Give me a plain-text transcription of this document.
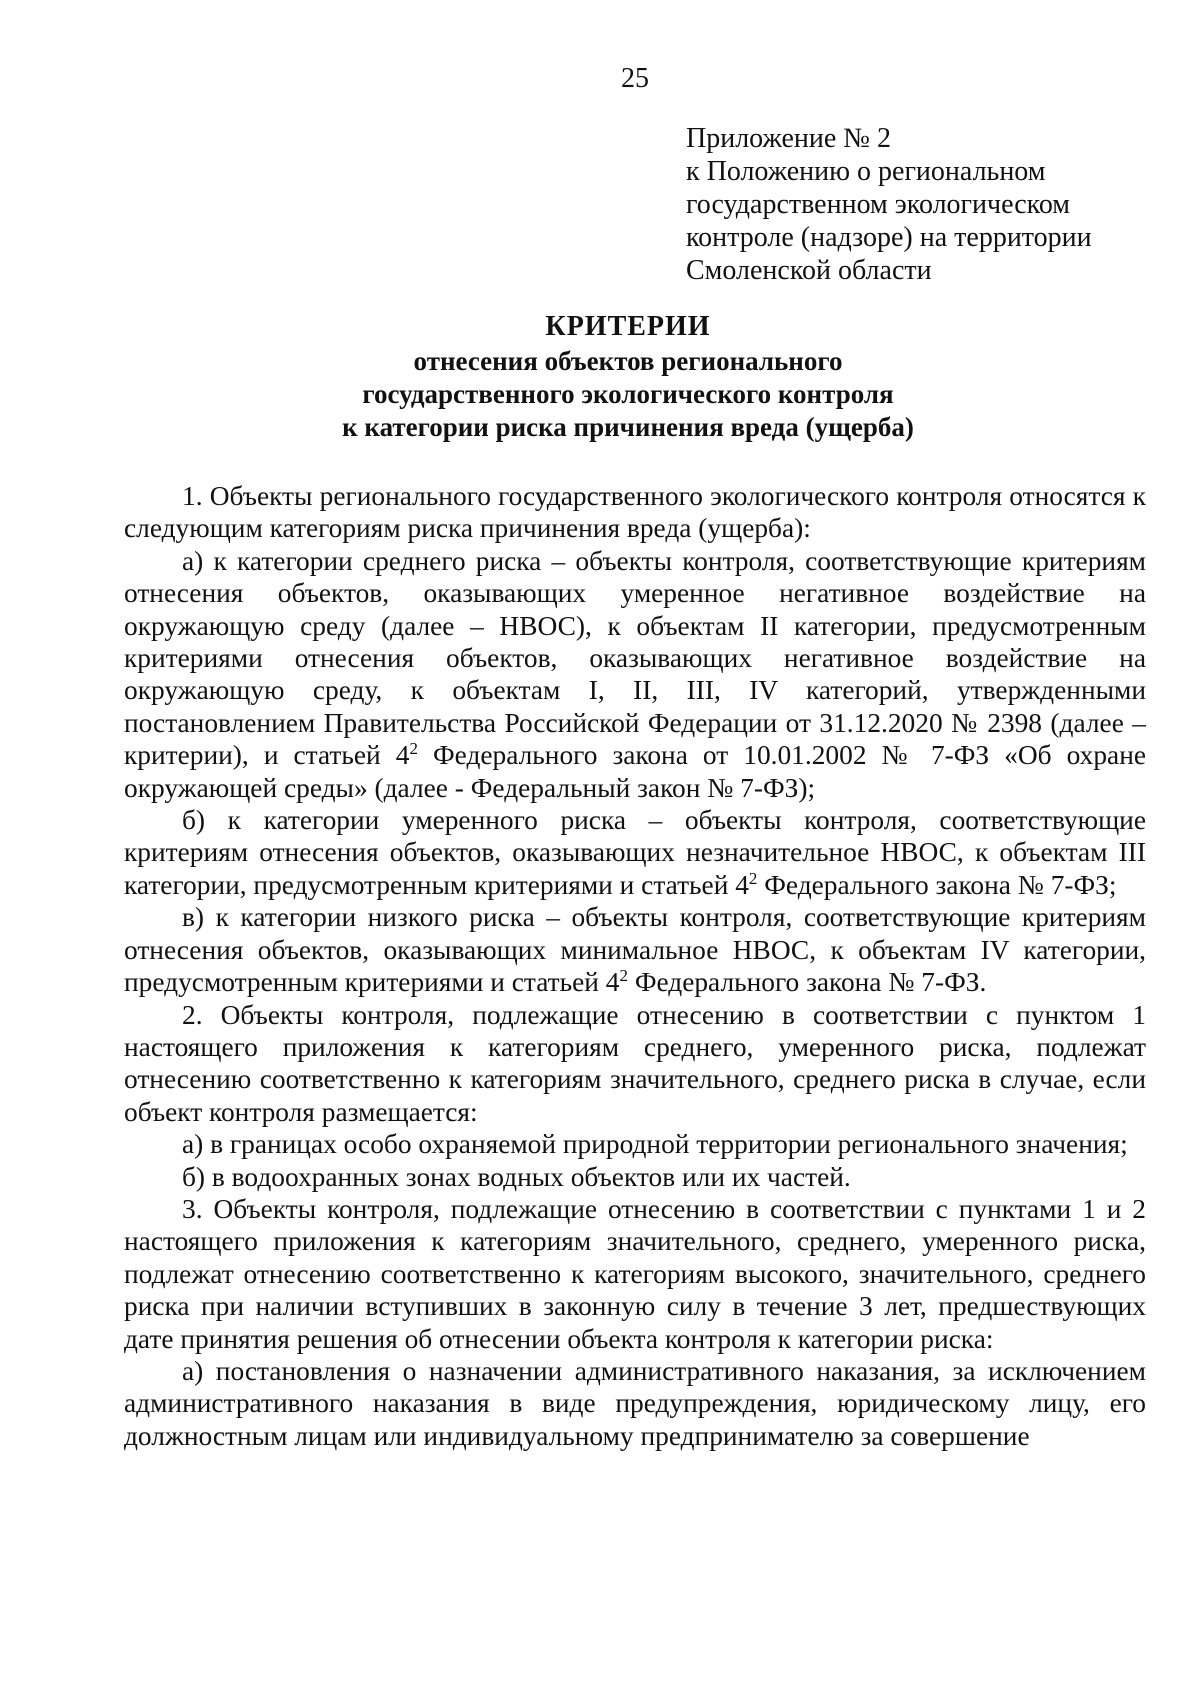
25
Приложение № 2
к Положению о региональном
государственном экологическом
контроле (надзоре) на территории
Смоленской области
КРИТЕРИИ
отнесения объектов регионального
государственного экологического контроля
к категории риска причинения вреда (ущерба)

1. Объекты регионального государственного экологического контроля относятся к следующим категориям риска причинения вреда (ущерба):

а) к категории среднего риска – объекты контроля, соответствующие критериям отнесения объектов, оказывающих умеренное негативное воздействие на окружающую среду (далее – НВОС), к объектам II категории, предусмотренным критериями отнесения объектов, оказывающих негативное воздействие на окружающую среду, к объектам I, II, III, IV категорий, утвержденными постановлением Правительства Российской Федерации от 31.12.2020 № 2398 (далее – критерии), и статьей $4^2$ Федерального закона от 10.01.2002 № 7-ФЗ «Об охране окружающей среды» (далее - Федеральный закон № 7-ФЗ);

б) к категории умеренного риска – объекты контроля, соответствующие критериям отнесения объектов, оказывающих незначительное НВОС, к объектам III категории, предусмотренным критериями и статьей $4^2$ Федерального закона № 7-ФЗ;

в) к категории низкого риска – объекты контроля, соответствующие критериям отнесения объектов, оказывающих минимальное НВОС, к объектам IV категории, предусмотренным критериями и статьей $4^2$ Федерального закона № 7-ФЗ.

2. Объекты контроля, подлежащие отнесению в соответствии с пунктом 1 настоящего приложения к категориям среднего, умеренного риска, подлежат отнесению соответственно к категориям значительного, среднего риска в случае, если объект контроля размещается:

а) в границах особо охраняемой природной территории регионального значения;

б) в водоохранных зонах водных объектов или их частей.

3. Объекты контроля, подлежащие отнесению в соответствии с пунктами 1 и 2 настоящего приложения к категориям значительного, среднего, умеренного риска, подлежат отнесению соответственно к категориям высокого, значительного, среднего риска при наличии вступивших в законную силу в течение 3 лет, предшествующих дате принятия решения об отнесении объекта контроля к категории риска:

а) постановления о назначении административного наказания, за исключением административного наказания в виде предупреждения, юридическому лицу, его должностным лицам или индивидуальному предпринимателю за совершение
